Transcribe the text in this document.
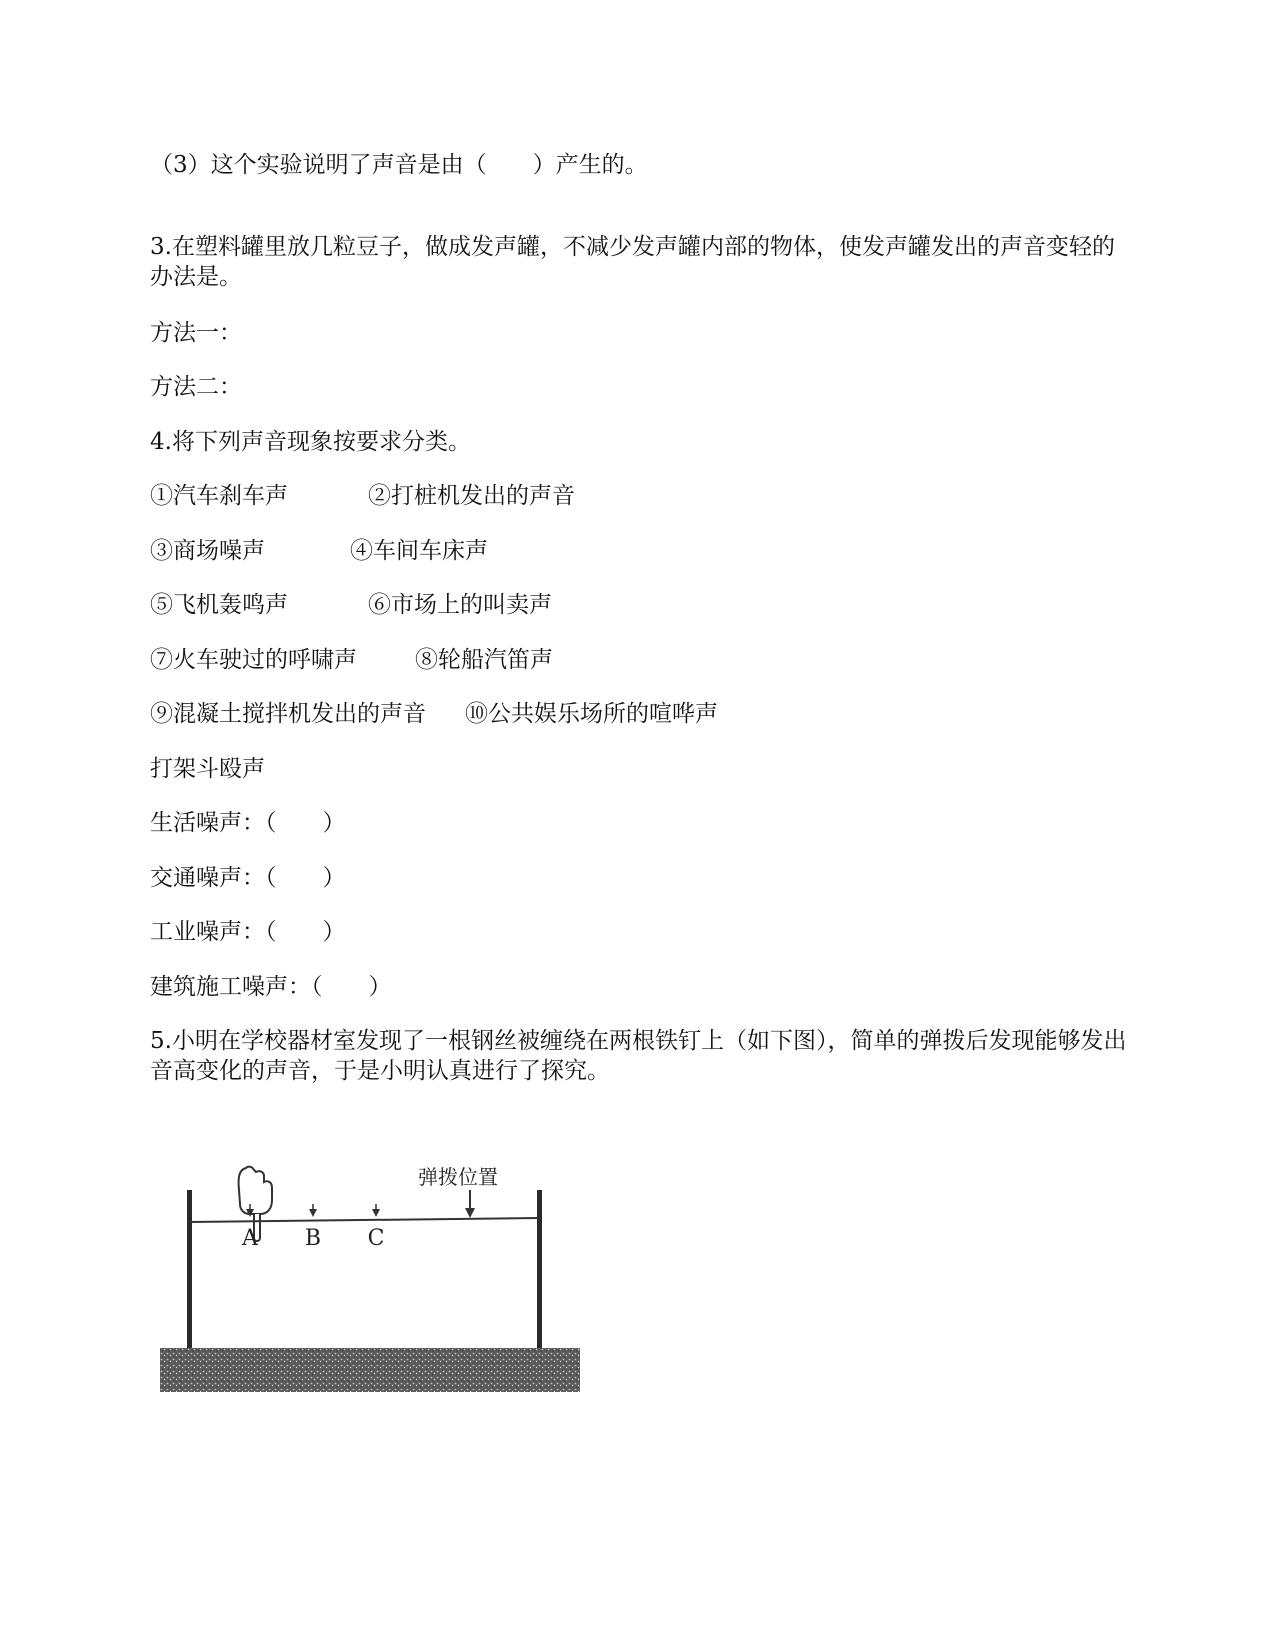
（3）这个实验说明了声音是由（　　）产生的。
3.在塑料罐里放几粒豆子，做成发声罐，不减少发声罐内部的物体，使发声罐发出的声音变轻的办法是。
方法一：
方法二：
4.将下列声音现象按要求分类。
①汽车刹车声	②打桩机发出的声音
③商场噪声	④车间车床声
⑤飞机轰鸣声	⑥市场上的叫卖声
⑦火车驶过的呼啸声	⑧轮船汽笛声
⑨混凝土搅拌机发出的声音 ⑩公共娱乐场所的喧哗声
打架斗殴声
生活噪声：（　　）
交通噪声：（　　）
工业噪声：（　　）
建筑施工噪声：（　　）
5.小明在学校器材室发现了一根钢丝被缠绕在两根铁钉上（如下图），简单的弹拨后发现能够发出音高变化的声音，于是小明认真进行了探究。
A B C
弹拨位置
